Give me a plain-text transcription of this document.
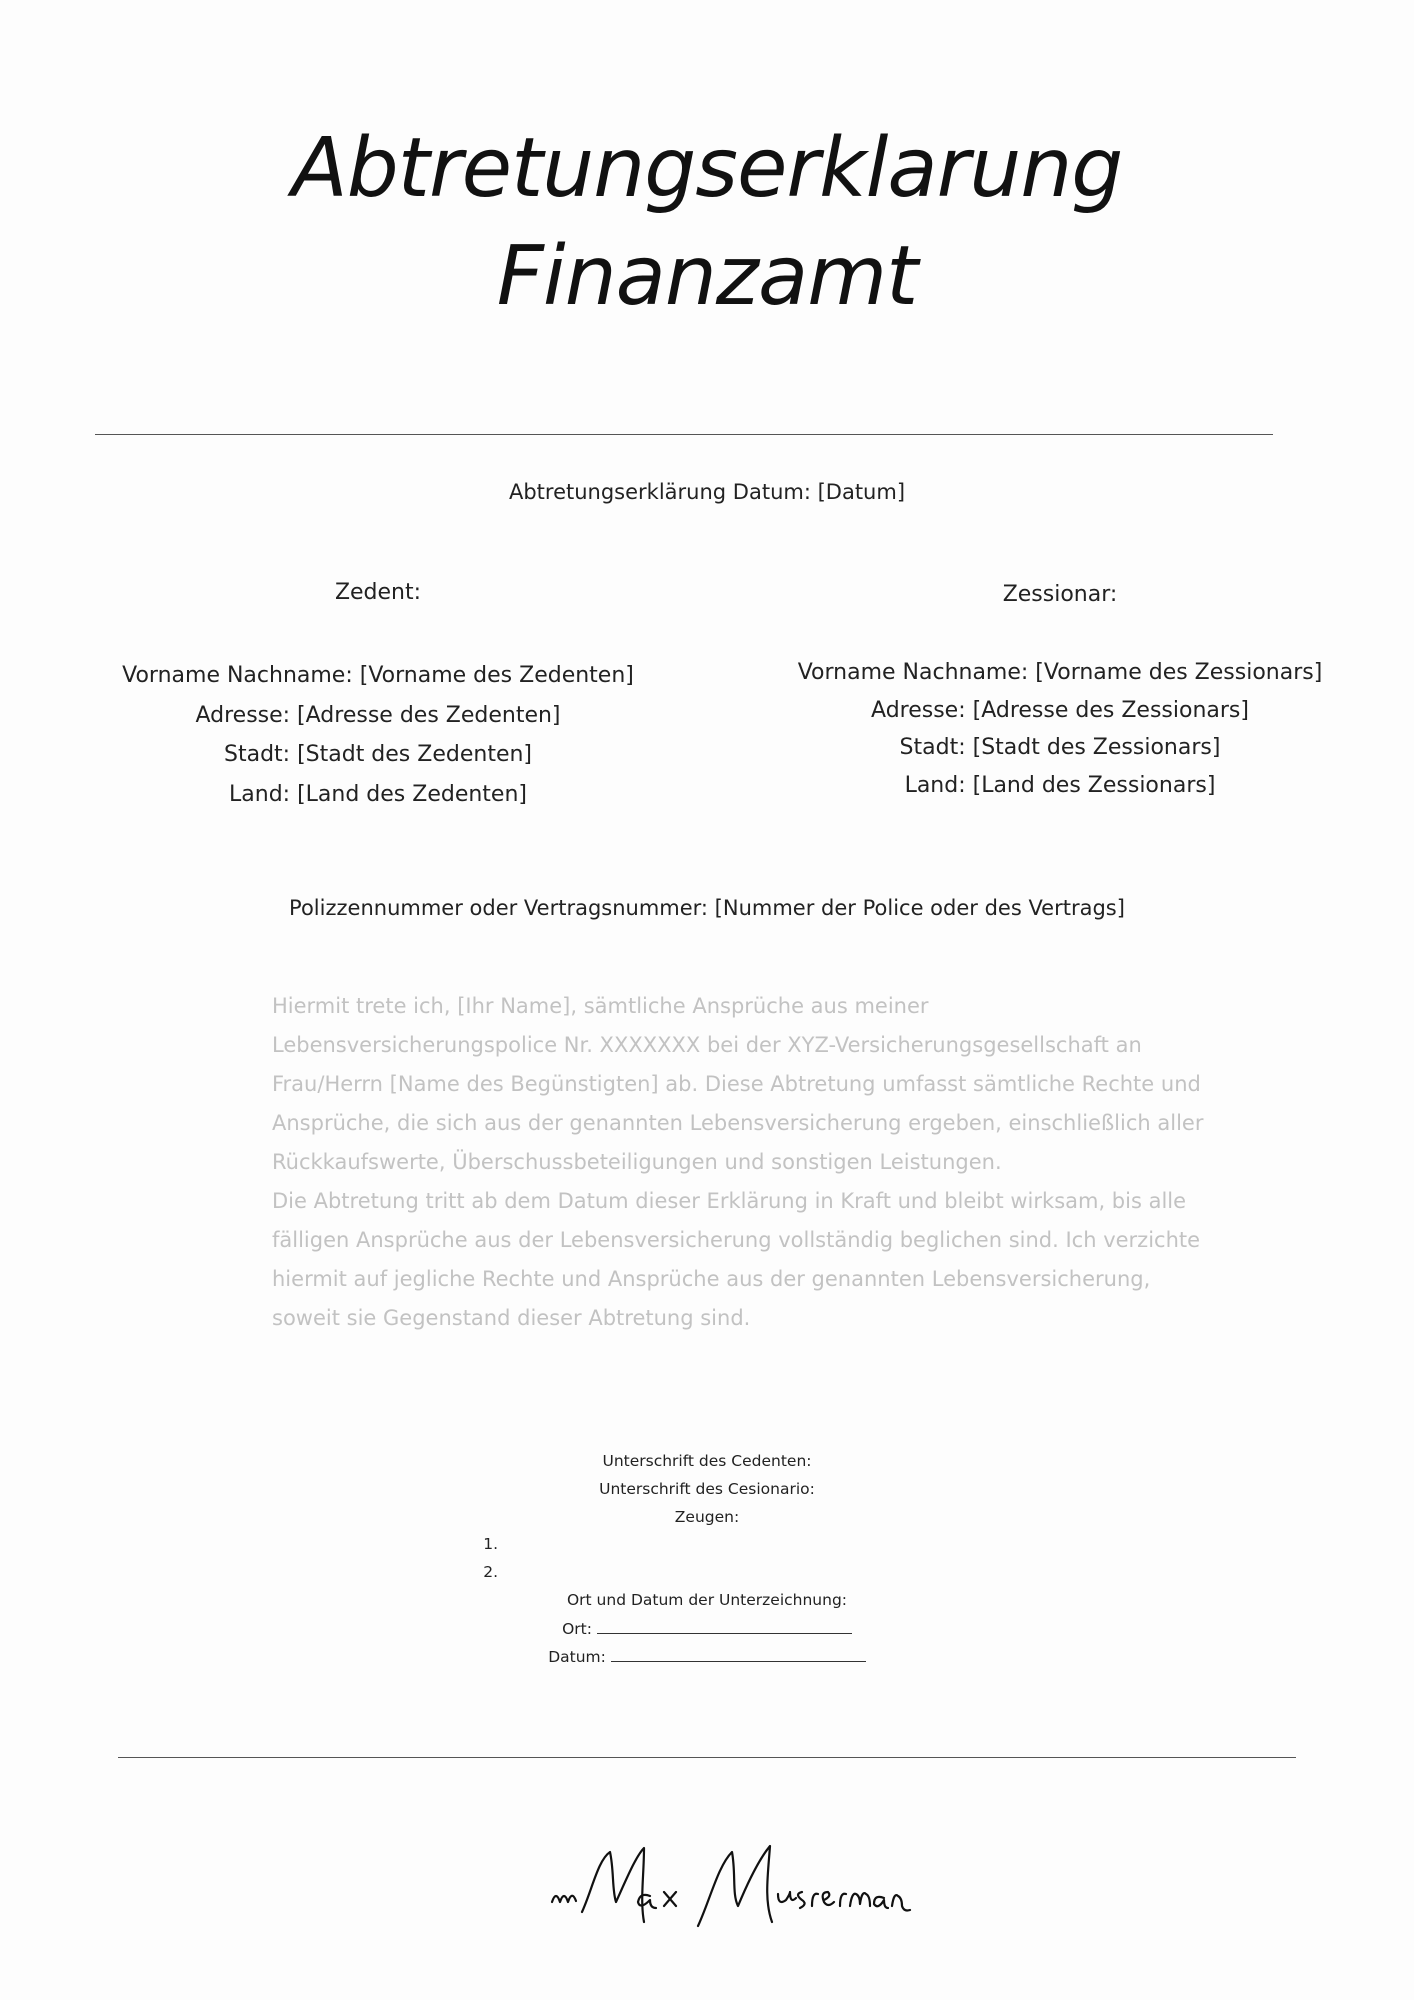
Abtretungserklarung
Finanzamt
Abtretungserklärung Datum: [Datum]
Zedent:
Vorname Nachname: [Vorname des Zedenten]
Adresse: [Adresse des Zedenten]
Stadt: [Stadt des Zedenten]
Land: [Land des Zedenten]
Zessionar:
Vorname Nachname: [Vorname des Zessionars]
Adresse: [Adresse des Zessionars]
Stadt: [Stadt des Zessionars]
Land: [Land des Zessionars]
Polizzennummer oder Vertragsnummer: [Nummer der Police oder des Vertrags]

Hiermit trete ich, [Ihr Name], sämtliche Ansprüche aus meiner Lebensversicherungspolice Nr. XXXXXXX bei der XYZ-Versicherungsgesellschaft an Frau/Herrn [Name des Begünstigten] ab. Diese Abtretung umfasst sämtliche Rechte und Ansprüche, die sich aus der genannten Lebensversicherung ergeben, einschließlich aller Rückkaufswerte, Überschussbeteiligungen und sonstigen Leistungen.

Die Abtretung tritt ab dem Datum dieser Erklärung in Kraft und bleibt wirksam, bis alle fälligen Ansprüche aus der Lebensversicherung vollständig beglichen sind. Ich verzichte hiermit auf jegliche Rechte und Ansprüche aus der genannten Lebensversicherung, soweit sie Gegenstand dieser Abtretung sind.

Unterschrift des Cedenten:
Unterschrift des Cesionario:
Zeugen:
1.
2.
Ort und Datum der Unterzeichnung:
Ort:
Datum:
